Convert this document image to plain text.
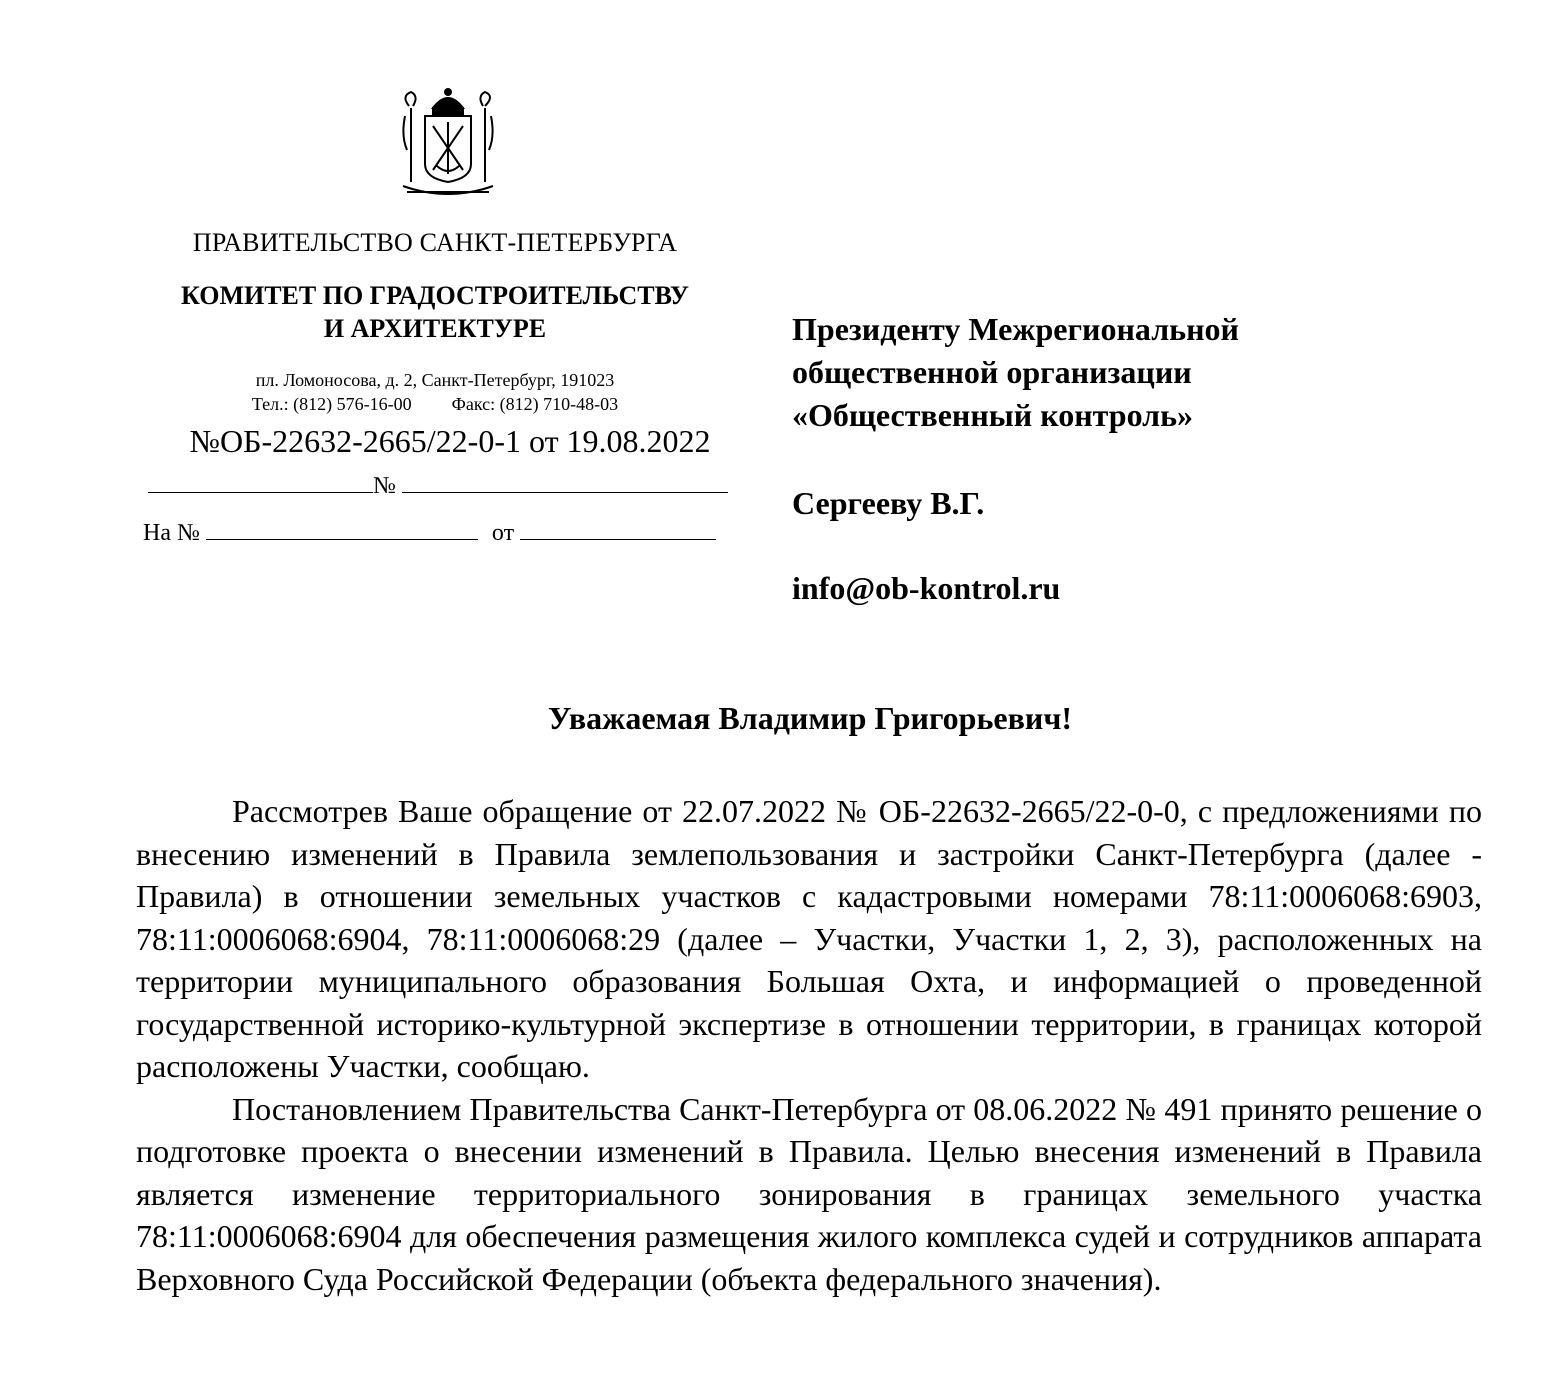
ПРАВИТЕЛЬСТВО САНКТ-ПЕТЕРБУРГА
КОМИТЕТ ПО ГРАДОСТРОИТЕЛЬСТВУ
И АРХИТЕКТУРЕ
пл. Ломоносова, д. 2, Санкт-Петербург, 191023
Тел.: (812) 576-16-00 Факс: (812) 710-48-03
№ОБ-22632-2665/22-0-1 от 19.08.2022
№
На №	от
Президенту Межрегиональной
общественной организации
«Общественный контроль»
Сергееву В.Г.
info@ob-kontrol.ru
Уважаемая Владимир Григорьевич!

Рассмотрев Ваше обращение от 22.07.2022 № ОБ-22632-2665/22-0-0, с предложениями по внесению изменений в Правила землепользования и застройки Санкт-Петербурга (далее - Правила) в отношении земельных участков с кадастровыми номерами 78:11:0006068:6903, 78:11:0006068:6904, 78:11:0006068:29 (далее – Участки, Участки 1, 2, 3), расположенных на территории муниципального образования Большая Охта, и информацией о проведенной государственной историко-культурной экспертизе в отношении территории, в границах которой расположены Участки, сообщаю.

Постановлением Правительства Санкт-Петербурга от 08.06.2022 № 491 принято решение о подготовке проекта о внесении изменений в Правила. Целью внесения изменений в Правила является изменение территориального зонирования в границах земельного участка 78:11:0006068:6904 для обеспечения размещения жилого комплекса судей и сотрудников аппарата Верховного Суда Российской Федерации (объекта федерального значения).
